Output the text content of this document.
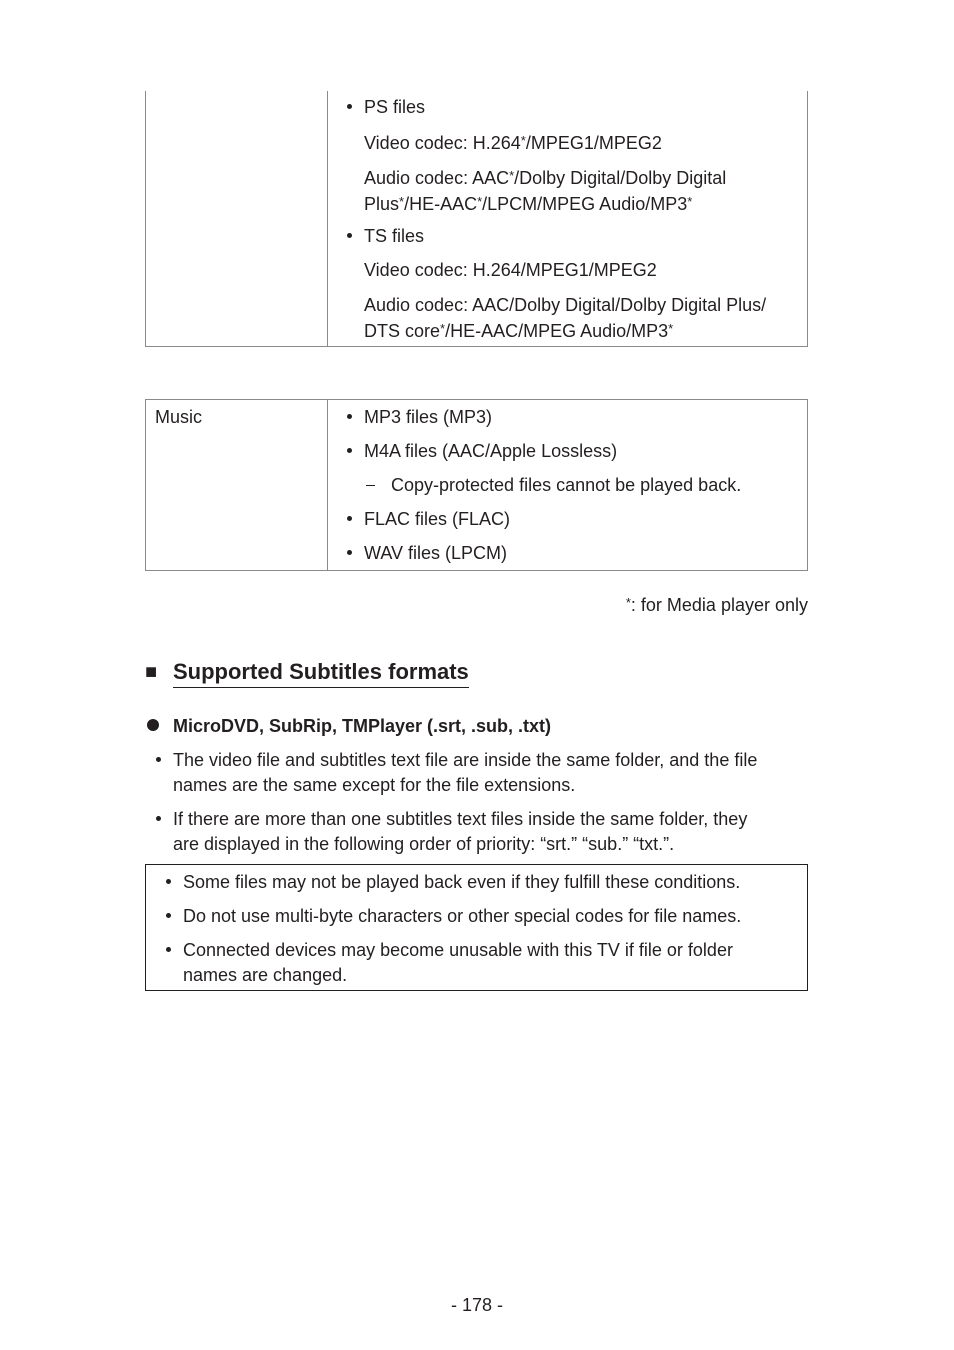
PS files
Video codec: H.264*/MPEG1/MPEG2
Audio codec: AAC*/Dolby Digital/Dolby Digital
Plus*/HE-AAC*/LPCM/MPEG Audio/MP3*
TS files
Video codec: H.264/MPEG1/MPEG2
Audio codec: AAC/Dolby Digital/Dolby Digital Plus/
DTS core*/HE-AAC/MPEG Audio/MP3*
Music	MP3 files (MP3)
M4A files (AAC/Apple Lossless)
Copy-protected files cannot be played back.
FLAC files (FLAC)
WAV files (LPCM)
*: for Media player only
■ Supported Subtitles formats
MicroDVD, SubRip, TMPlayer (.srt, .sub, .txt)
The video file and subtitles text file are inside the same folder, and the file
names are the same except for the file extensions.
If there are more than one subtitles text files inside the same folder, they
are displayed in the following order of priority: “srt.” “sub.” “txt.”.
Some files may not be played back even if they fulfill these conditions.
Do not use multi-byte characters or other special codes for file names.
Connected devices may become unusable with this TV if file or folder
names are changed.
- 178 -
